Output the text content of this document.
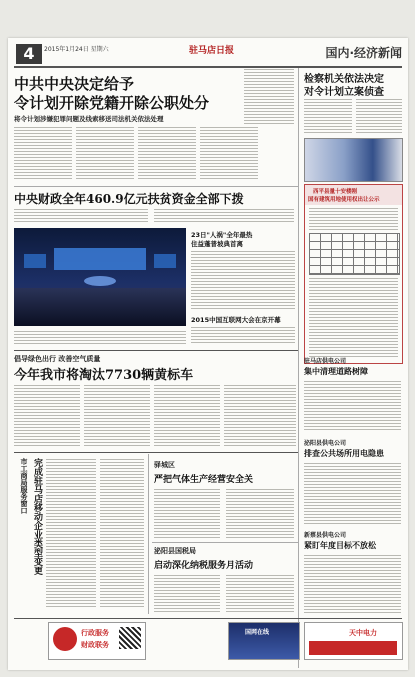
4	2015年1月24日 星期六	驻马店日报	国内·经济新闻
中共中央决定给予
令计划开除党籍开除公职处分
将令计划涉嫌犯罪问题及线索移送司法机关依法处理
检察机关依法决定
对令计划立案侦查
中央财政全年460.9亿元扶贫资金全部下拨
23日"人祸"全年最热
住益蓬普坡典首离
2015中国互联网大会在京开幕
西平县量十安楼刚
国有建筑用地使用权出让公示
倡导绿色出行 改善空气质量
今年我市将淘汰7730辆黄标车
驻马店供电公司
集中清理道路树障
泌阳县供电公司
排查公共场所用电隐患
新蔡县供电公司
紧盯年度目标不放松
完成驻马店移动企业类型变更
市工商局服务窗口	驿城区
严把气体生产经营安全关
泌阳县国税局
启动深化纳税服务月活动
行政服务
财政联务
国网在线	天中电力
